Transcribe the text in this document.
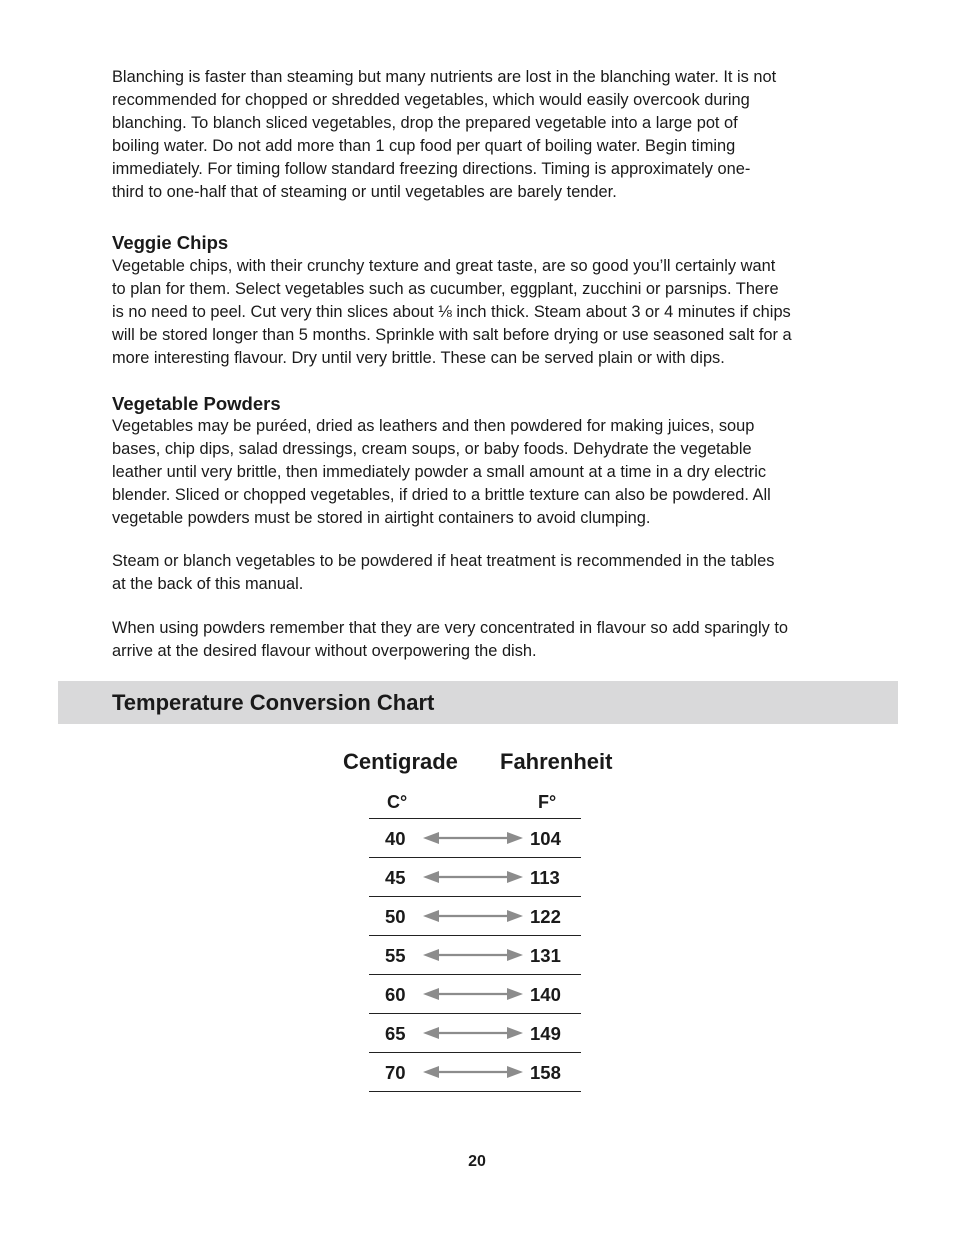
Blanching is faster than steaming but many nutrients are lost in the blanching water. It is not
recommended for chopped or shredded vegetables, which would easily overcook during
blanching. To blanch sliced vegetables, drop the prepared vegetable into a large pot of
boiling water. Do not add more than 1 cup food per quart of boiling water. Begin timing
immediately. For timing follow standard freezing directions. Timing is approximately one-
third to one-half that of steaming or until vegetables are barely tender.

Veggie Chips

Vegetable chips, with their crunchy texture and great taste, are so good you’ll certainly want
to plan for them. Select vegetables such as cucumber, eggplant, zucchini or parsnips. There
is no need to peel. Cut very thin slices about ⅛ inch thick. Steam about 3 or 4 minutes if chips
will be stored longer than 5 months. Sprinkle with salt before drying or use seasoned salt for a
more interesting flavour. Dry until very brittle. These can be served plain or with dips.

Vegetable Powders

Vegetables may be puréed, dried as leathers and then powdered for making juices, soup
bases, chip dips, salad dressings, cream soups, or baby foods. Dehydrate the vegetable
leather until very brittle, then immediately powder a small amount at a time in a dry electric
blender. Sliced or chopped vegetables, if dried to a brittle texture can also be powdered. All
vegetable powders must be stored in airtight containers to avoid clumping.

Steam or blanch vegetables to be powdered if heat treatment is recommended in the tables
at the back of this manual.

When using powders remember that they are very concentrated in flavour so add sparingly to
arrive at the desired flavour without overpowering the dish.

Temperature Conversion Chart
Centigrade Fahrenheit
C°	F°
40	104
45	113
50	122
55	131
60	140
65	149
70	158
20
